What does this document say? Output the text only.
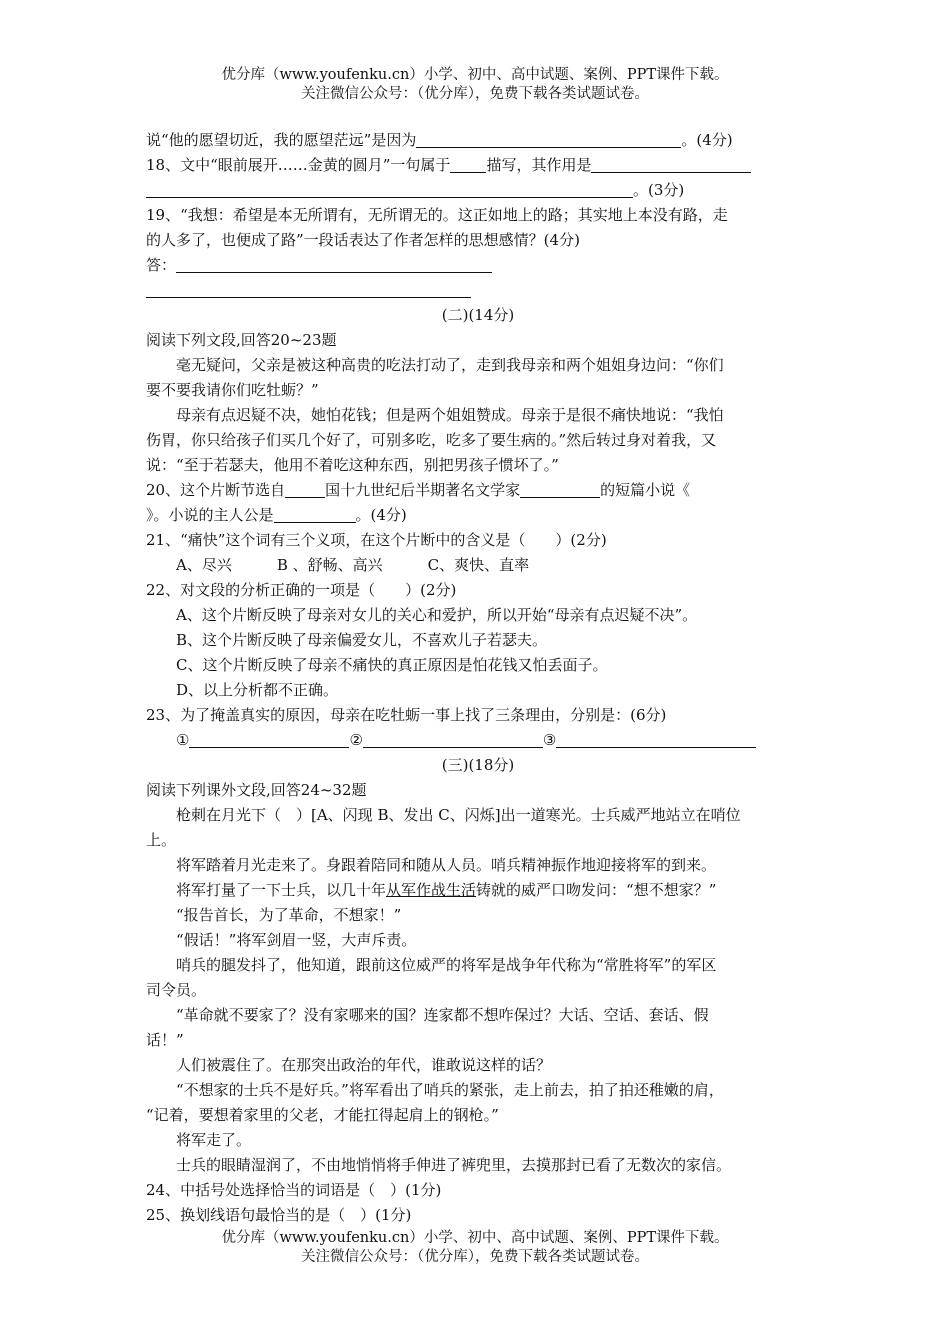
优分库（www.youfenku.cn）小学、初中、高中试题、案例、PPT课件下载。
关注微信公众号：（优分库），免费下载各类试题试卷。
说“他的愿望切近，我的愿望茫远”是因为	。(4分)
18、文中“眼前展开……金黄的圆月”一句属于 描写，其作用是
。(3分)
19、“我想：希望是本无所谓有，无所谓无的。这正如地上的路；其实地上本没有路，走
的人多了，也便成了路”一段话表达了作者怎样的思想感情？(4分)
答：
(二)(14分)
阅读下列文段,回答20~23题
毫无疑问，父亲是被这种高贵的吃法打动了，走到我母亲和两个姐姐身边问：“你们
要不要我请你们吃牡蛎？”
母亲有点迟疑不决，她怕花钱；但是两个姐姐赞成。母亲于是很不痛快地说：“我怕
伤胃，你只给孩子们买几个好了，可别多吃，吃多了要生病的。”然后转过身对着我，又
说：“至于若瑟夫，他用不着吃这种东西，别把男孩子惯坏了。”
20、这个片断节选自	国十九世纪后半期著名文学家	的短篇小说《
》。小说的主人公是	。(4分)
21、“痛快”这个词有三个义项，在这个片断中的含义是（　　）(2分)
A、尽兴　　　B 、舒畅、高兴　　　C、爽快、直率
22、对文段的分析正确的一项是（　　）(2分)
A、这个片断反映了母亲对女儿的关心和爱护，所以开始“母亲有点迟疑不决”。
B、这个片断反映了母亲偏爱女儿，不喜欢儿子若瑟夫。
C、这个片断反映了母亲不痛快的真正原因是怕花钱又怕丢面子。
D、以上分析都不正确。
23、为了掩盖真实的原因，母亲在吃牡蛎一事上找了三条理由，分别是：(6分)
①	②	③
(三)(18分)
阅读下列课外文段,回答24~32题
枪刺在月光下（　）[A、闪现 B、发出 C、闪烁]出一道寒光。士兵威严地站立在哨位
上。
将军踏着月光走来了。身跟着陪同和随从人员。哨兵精神振作地迎接将军的到来。
将军打量了一下士兵，以几十年从军作战生活铸就的威严口吻发问：“想不想家？”
“报告首长，为了革命，不想家！”
“假话！”将军剑眉一竖，大声斥责。
哨兵的腿发抖了，他知道，跟前这位威严的将军是战争年代称为“常胜将军”的军区
司令员。
“革命就不要家了？没有家哪来的国？连家都不想咋保过？大话、空话、套话、假
话！”
人们被震住了。在那突出政治的年代，谁敢说这样的话？
“不想家的士兵不是好兵。”将军看出了哨兵的紧张，走上前去，拍了拍还稚嫩的肩，
“记着，要想着家里的父老，才能扛得起肩上的钢枪。”
将军走了。
士兵的眼睛湿润了，不由地悄悄将手伸进了裤兜里，去摸那封已看了无数次的家信。
24、中括号处选择恰当的词语是（　）(1分)
25、换划线语句最恰当的是（　）(1分)
优分库（www.youfenku.cn）小学、初中、高中试题、案例、PPT课件下载。
关注微信公众号：（优分库），免费下载各类试题试卷。
